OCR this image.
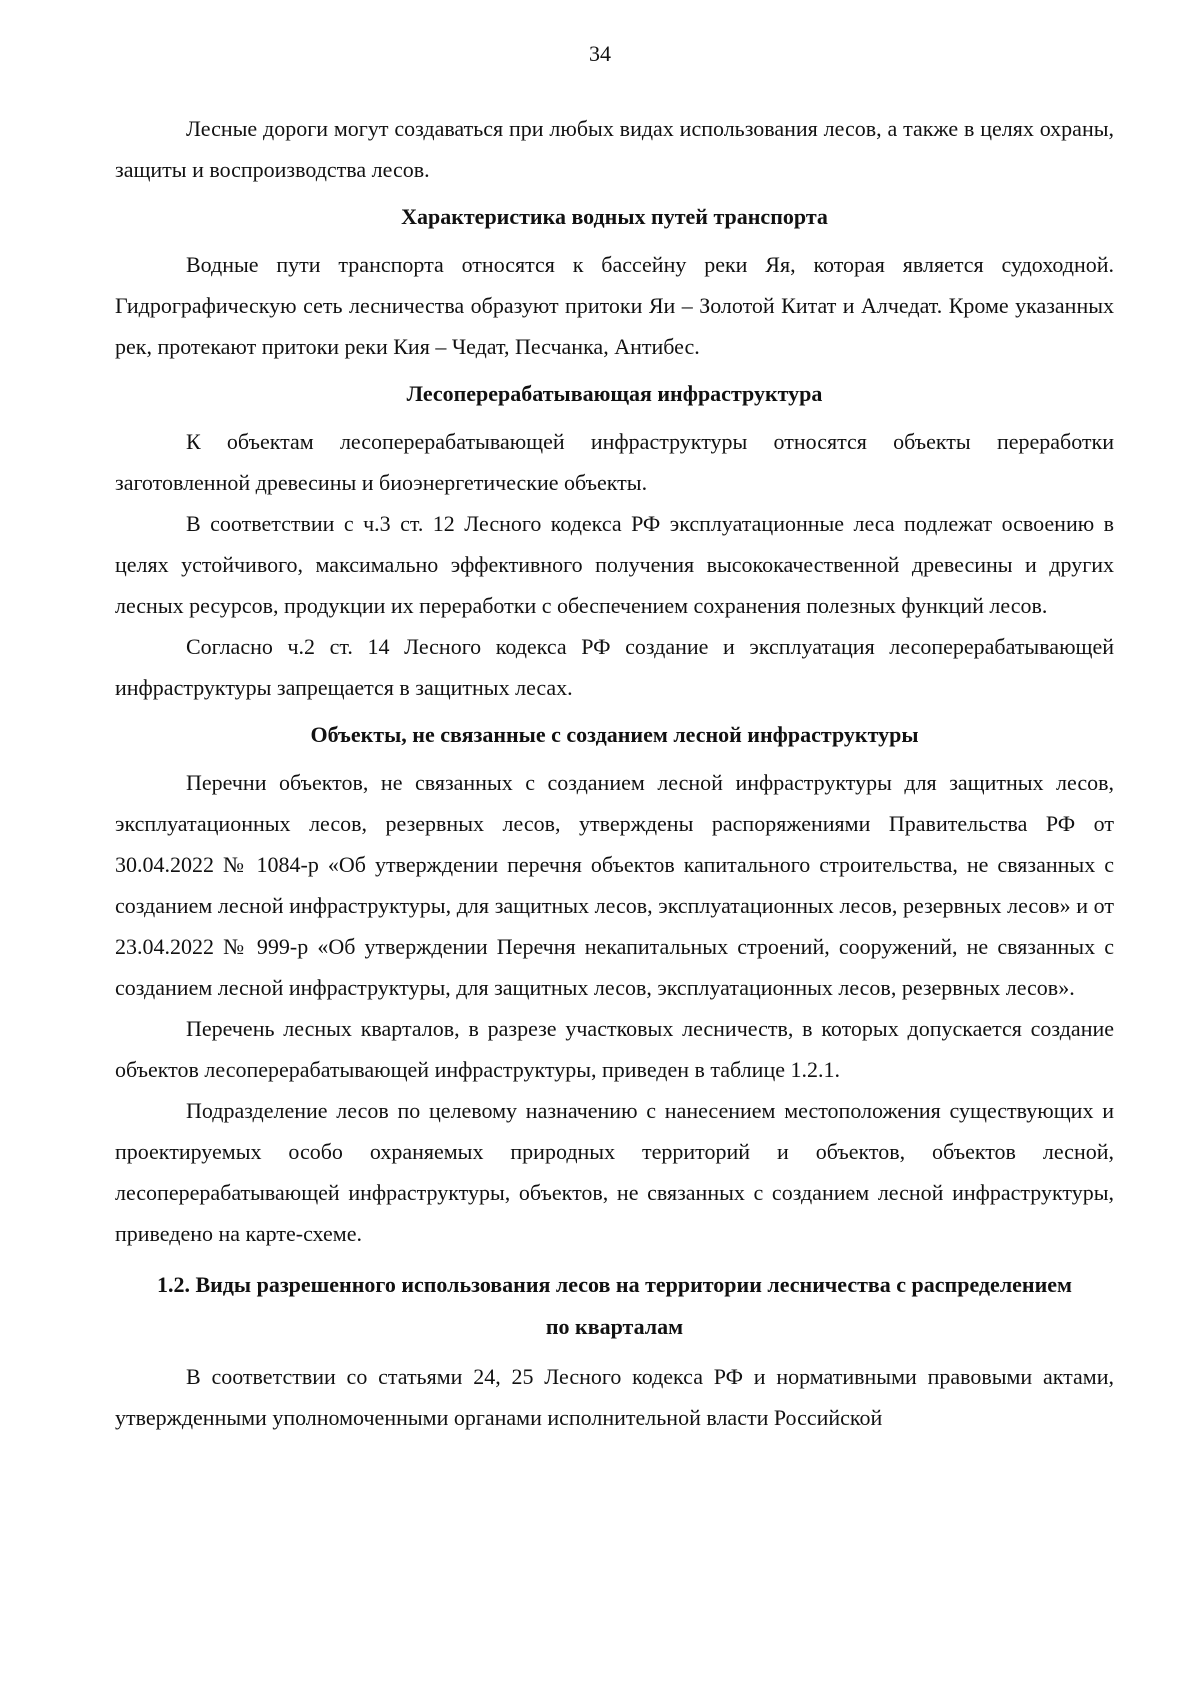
34

Лесные дороги могут создаваться при любых видах использования лесов, а также в целях охраны, защиты и воспроизводства лесов.

Характеристика водных путей транспорта

Водные пути транспорта относятся к бассейну реки Яя, которая является судоходной. Гидрографическую сеть лесничества образуют притоки Яи – Золотой Китат и Алчедат. Кроме указанных рек, протекают притоки реки Кия – Чедат, Песчанка, Антибес.

Лесоперерабатывающая инфраструктура

К объектам лесоперерабатывающей инфраструктуры относятся объекты переработки заготовленной древесины и биоэнергетические объекты.

В соответствии с ч.3 ст. 12 Лесного кодекса РФ эксплуатационные леса подлежат освоению в целях устойчивого, максимально эффективного получения высококачественной древесины и других лесных ресурсов, продукции их переработки с обеспечением сохранения полезных функций лесов.

Согласно ч.2 ст. 14 Лесного кодекса РФ создание и эксплуатация лесоперерабатывающей инфраструктуры запрещается в защитных лесах.

Объекты, не связанные с созданием лесной инфраструктуры

Перечни объектов, не связанных с созданием лесной инфраструктуры для защитных лесов, эксплуатационных лесов, резервных лесов, утверждены распоряжениями Правительства РФ от 30.04.2022 № 1084-р «Об утверждении перечня объектов капитального строительства, не связанных с созданием лесной инфраструктуры, для защитных лесов, эксплуатационных лесов, резервных лесов» и от 23.04.2022 № 999-р «Об утверждении Перечня некапитальных строений, сооружений, не связанных с созданием лесной инфраструктуры, для защитных лесов, эксплуатационных лесов, резервных лесов».

Перечень лесных кварталов, в разрезе участковых лесничеств, в которых допускается создание объектов лесоперерабатывающей инфраструктуры, приведен в таблице 1.2.1.

Подразделение лесов по целевому назначению с нанесением местоположения существующих и проектируемых особо охраняемых природных территорий и объектов, объектов лесной, лесоперерабатывающей инфраструктуры, объектов, не связанных с созданием лесной инфраструктуры, приведено на карте-схеме.

1.2. Виды разрешенного использования лесов на территории лесничества с распределением по кварталам

В соответствии со статьями 24, 25 Лесного кодекса РФ и нормативными правовыми актами, утвержденными уполномоченными органами исполнительной власти Российской
